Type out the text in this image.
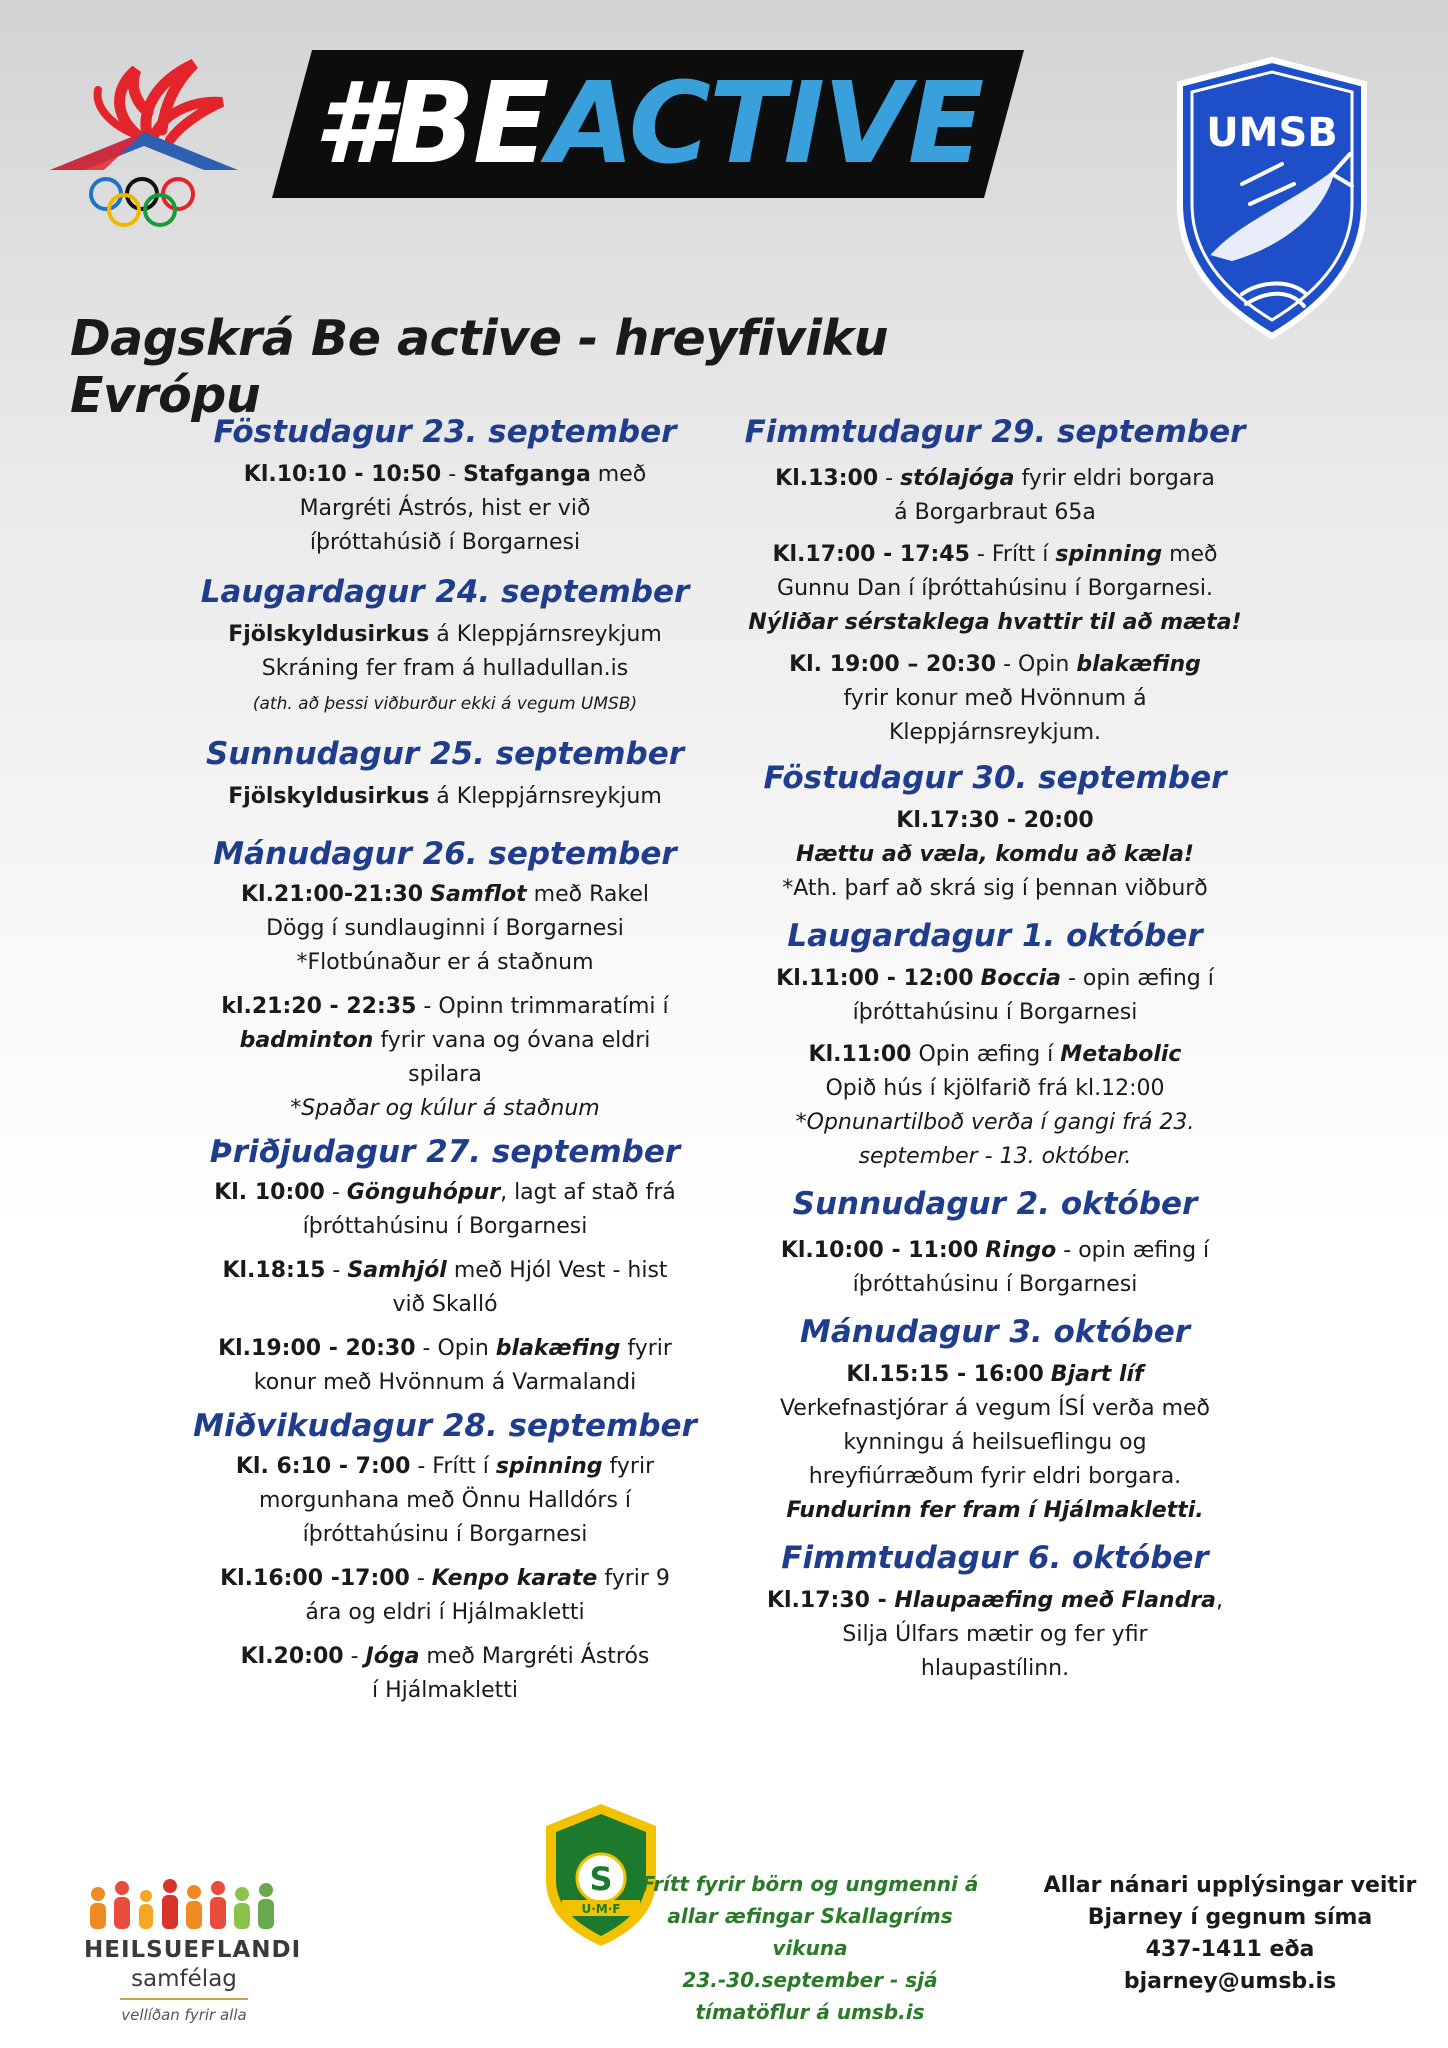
#BE ACTIVE	UMSB
Dagskrá Be active - hreyfiviku Evrópu
Föstudagur 23. september
Kl.10:10 - 10:50 - Stafganga með
Margréti Ástrós, hist er við
íþróttahúsið í Borgarnesi
Laugardagur 24. september
Fjölskyldusirkus á Kleppjárnsreykjum
Skráning fer fram á hulladullan.is
(ath. að þessi viðburður ekki á vegum UMSB)
Sunnudagur 25. september
Fjölskyldusirkus á Kleppjárnsreykjum
Mánudagur 26. september
Kl.21:00-21:30 Samflot með Rakel
Dögg í sundlauginni í Borgarnesi
*Flotbúnaður er á staðnum
kl.21:20 - 22:35 - Opinn trimmaratími í
badminton fyrir vana og óvana eldri
spilara
*Spaðar og kúlur á staðnum
Þriðjudagur 27. september
Kl. 10:00 - Gönguhópur, lagt af stað frá
íþróttahúsinu í Borgarnesi
Kl.18:15 - Samhjól með Hjól Vest - hist
við Skalló
Kl.19:00 - 20:30 - Opin blakæfing fyrir
konur með Hvönnum á Varmalandi
Miðvikudagur 28. september
Kl. 6:10 - 7:00 - Frítt í spinning fyrir
morgunhana með Önnu Halldórs í
íþróttahúsinu í Borgarnesi
Kl.16:00 -17:00 - Kenpo karate fyrir 9
ára og eldri í Hjálmakletti
Kl.20:00 - Jóga með Margréti Ástrós
í Hjálmakletti
Fimmtudagur 29. september
Kl.13:00 - stólajóga fyrir eldri borgara
á Borgarbraut 65a
Kl.17:00 - 17:45 - Frítt í spinning með
Gunnu Dan í íþróttahúsinu í Borgarnesi.
Nýliðar sérstaklega hvattir til að mæta!
Kl. 19:00 – 20:30 - Opin blakæfing
fyrir konur með Hvönnum á
Kleppjárnsreykjum.
Föstudagur 30. september
Kl.17:30 - 20:00
Hættu að væla, komdu að kæla!
*Ath. þarf að skrá sig í þennan viðburð
Laugardagur 1. október
Kl.11:00 - 12:00 Boccia - opin æfing í
íþróttahúsinu í Borgarnesi
Kl.11:00 Opin æfing í Metabolic
Opið hús í kjölfarið frá kl.12:00
*Opnunartilboð verða í gangi frá 23.
september - 13. október.
Sunnudagur 2. október
Kl.10:00 - 11:00 Ringo - opin æfing í
íþróttahúsinu í Borgarnesi
Mánudagur 3. október
Kl.15:15 - 16:00 Bjart líf
Verkefnastjórar á vegum ÍSÍ verða með
kynningu á heilsueflingu og
hreyfiúrræðum fyrir eldri borgara.
Fundurinn fer fram í Hjálmakletti.
Fimmtudagur 6. október
Kl.17:30 - Hlaupaæfing með Flandra,
Silja Úlfars mætir og fer yfir
hlaupastílinn.
HEILSUEFLANDI
samfélag
vellíðan fyrir alla
S
U·M·F
Frítt fyrir börn og ungmenni á
allar æfingar Skallagríms vikuna
23.-30.september - sjá
tímatöflur á umsb.is
Allar nánari upplýsingar veitir
Bjarney í gegnum síma
437-1411 eða
bjarney@umsb.is
